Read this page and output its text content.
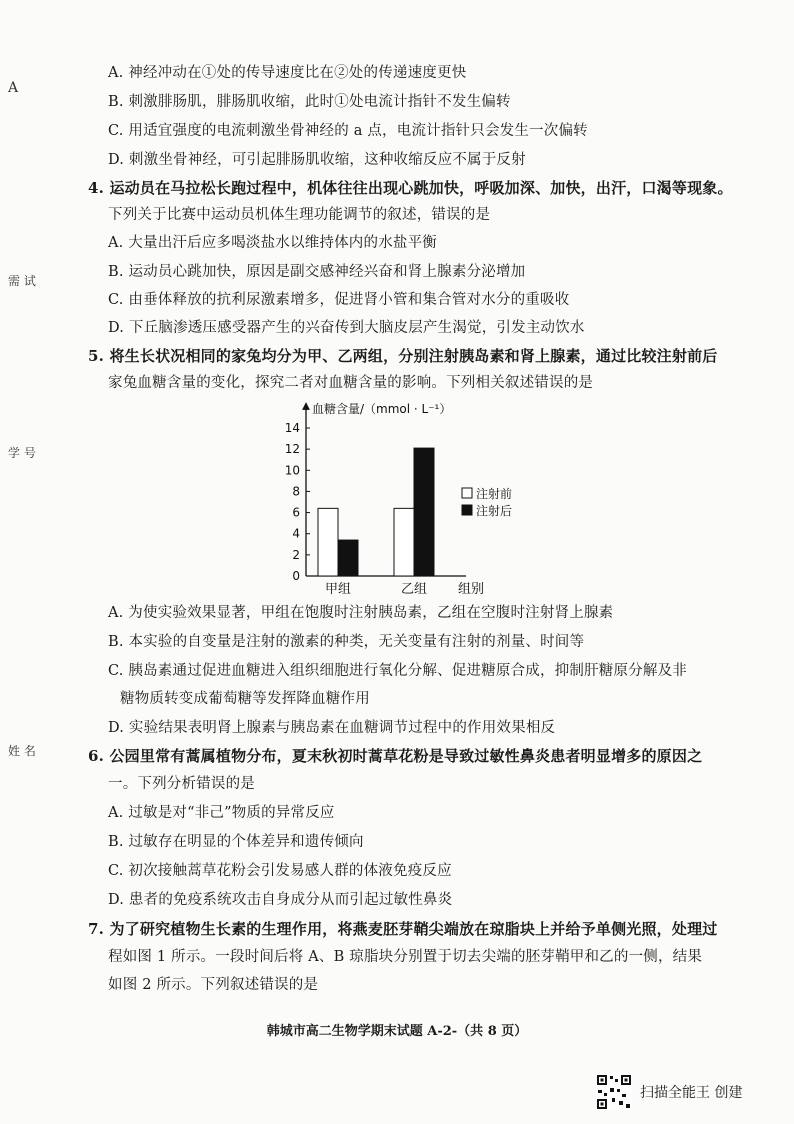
A
需 试
学 号
姓 名
A. 神经冲动在①处的传导速度比在②处的传递速度更快
B. 刺激腓肠肌，腓肠肌收缩，此时①处电流计指针不发生偏转
C. 用适宜强度的电流刺激坐骨神经的 a 点，电流计指针只会发生一次偏转
D. 刺激坐骨神经，可引起腓肠肌收缩，这种收缩反应不属于反射
4. 运动员在马拉松长跑过程中，机体往往出现心跳加快，呼吸加深、加快，出汗，口渴等现象。
下列关于比赛中运动员机体生理功能调节的叙述，错误的是
A. 大量出汗后应多喝淡盐水以维持体内的水盐平衡
B. 运动员心跳加快，原因是副交感神经兴奋和肾上腺素分泌增加
C. 由垂体释放的抗利尿激素增多，促进肾小管和集合管对水分的重吸收
D. 下丘脑渗透压感受器产生的兴奋传到大脑皮层产生渴觉，引发主动饮水
5. 将生长状况相同的家兔均分为甲、乙两组，分别注射胰岛素和肾上腺素，通过比较注射前后
家兔血糖含量的变化，探究二者对血糖含量的影响。下列相关叙述错误的是
血糖含量/（mmol · L⁻¹）
0
2
4
6
8
10
12
14
甲组	乙组 组别
注射前
注射后
A. 为使实验效果显著，甲组在饱腹时注射胰岛素，乙组在空腹时注射肾上腺素
B. 本实验的自变量是注射的激素的种类，无关变量有注射的剂量、时间等
C. 胰岛素通过促进血糖进入组织细胞进行氧化分解、促进糖原合成，抑制肝糖原分解及非
糖物质转变成葡萄糖等发挥降血糖作用
D. 实验结果表明肾上腺素与胰岛素在血糖调节过程中的作用效果相反
6. 公园里常有蒿属植物分布，夏末秋初时蒿草花粉是导致过敏性鼻炎患者明显增多的原因之
一。下列分析错误的是
A. 过敏是对“非己”物质的异常反应
B. 过敏存在明显的个体差异和遗传倾向
C. 初次接触蒿草花粉会引发易感人群的体液免疫反应
D. 患者的免疫系统攻击自身成分从而引起过敏性鼻炎
7. 为了研究植物生长素的生理作用，将燕麦胚芽鞘尖端放在琼脂块上并给予单侧光照，处理过
程如图 1 所示。一段时间后将 A、B 琼脂块分别置于切去尖端的胚芽鞘甲和乙的一侧，结果
如图 2 所示。下列叙述错误的是
韩城市高二生物学期末试题 A-2-（共 8 页）
扫描全能王 创建
